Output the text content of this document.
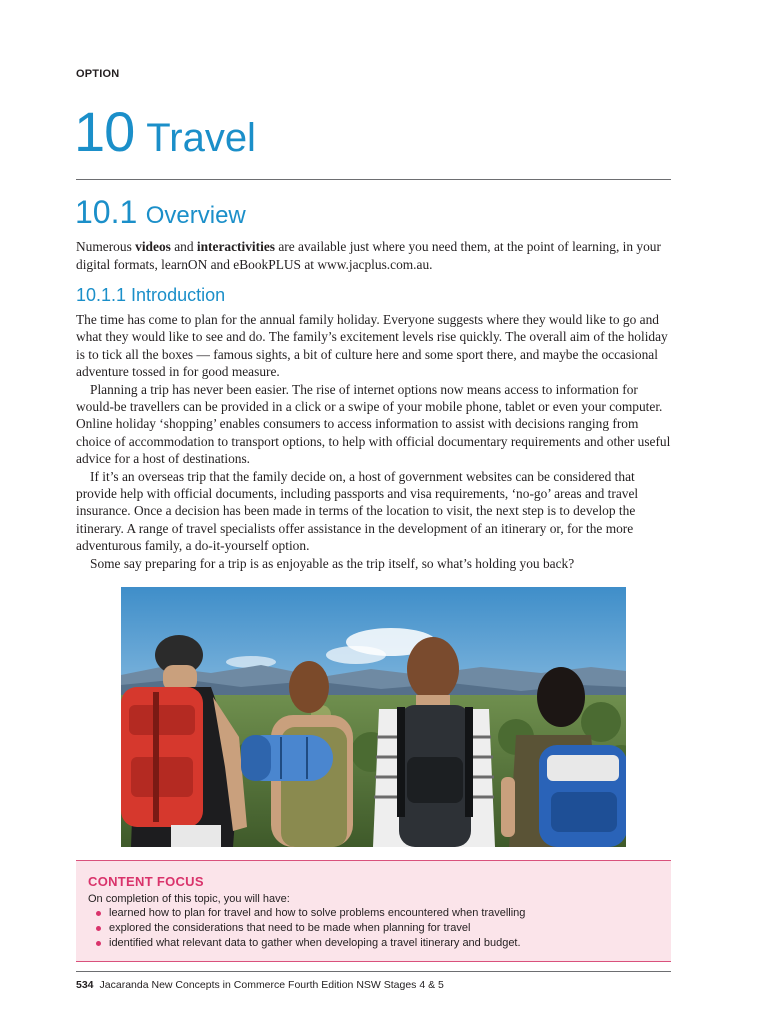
OPTION
10 Travel
10.1 Overview

Numerous videos and interactivities are available just where you need them, at the point of learning, in your digital formats, learnON and eBookPLUS at www.jacplus.com.au.

10.1.1 Introduction

The time has come to plan for the annual family holiday. Everyone suggests where they would like to go and what they would like to see and do. The family’s excitement levels rise quickly. The overall aim of the holiday is to tick all the boxes — famous sights, a bit of culture here and some sport there, and maybe the occasional adventure tossed in for good measure.

Planning a trip has never been easier. The rise of internet options now means access to information for would-be travellers can be provided in a click or a swipe of your mobile phone, tablet or even your computer. Online holiday ‘shopping’ enables consumers to access information to assist with decisions ranging from choice of accommodation to transport options, to help with official documentary requirements and other useful advice for a host of destinations.

If it’s an overseas trip that the family decide on, a host of government websites can be considered that provide help with official documents, including passports and visa requirements, ‘no-go’ areas and travel insurance. Once a decision has been made in terms of the location to visit, the next step is to develop the itinerary. A range of travel specialists offer assistance in the development of an itinerary or, for the more adventurous family, a do-it-yourself option.

Some say preparing for a trip is as enjoyable as the trip itself, so what’s holding you back?

CONTENT FOCUS
On completion of this topic, you will have:
learned how to plan for travel and how to solve problems encountered when travelling
explored the considerations that need to be made when planning for travel
identified what relevant data to gather when developing a travel itinerary and budget.
534 Jacaranda New Concepts in Commerce Fourth Edition NSW Stages 4 & 5
